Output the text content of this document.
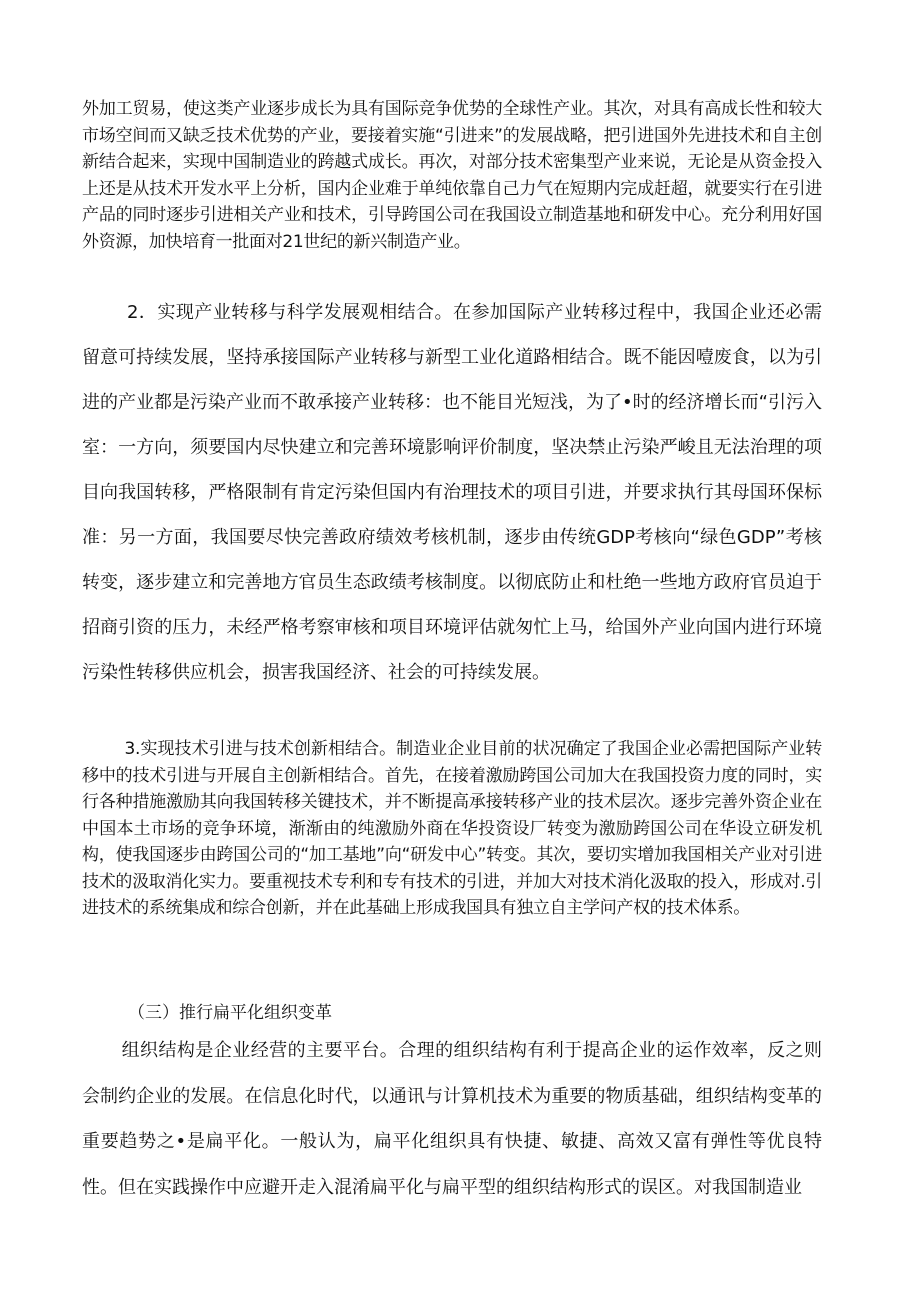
外加工贸易，使这类产业逐步成长为具有国际竞争优势的全球性产业。其次，对具有高成长性和较大市场空间而又缺乏技术优势的产业，要接着实施“引进来”的发展战略，把引进国外先进技术和自主创新结合起来，实现中国制造业的跨越式成长。再次，对部分技术密集型产业来说，无论是从资金投入上还是从技术开发水平上分析，国内企业难于单纯依靠自己力气在短期内完成赶超，就要实行在引进产品的同时逐步引进相关产业和技术，引导跨国公司在我国设立制造基地和研发中心。充分利用好国外资源，加快培育一批面对21世纪的新兴制造产业。

2．实现产业转移与科学发展观相结合。在参加国际产业转移过程中，我国企业还必需留意可持续发展，坚持承接国际产业转移与新型工业化道路相结合。既不能因噎废食，以为引进的产业都是污染产业而不敢承接产业转移：也不能目光短浅，为了•时的经济增长而“引污入室：一方向，须要国内尽快建立和完善环境影响评价制度，坚决禁止污染严峻且无法治理的项目向我国转移，严格限制有肯定污染但国内有治理技术的项目引进，并要求执行其母国环保标准：另一方面，我国要尽快完善政府绩效考核机制，逐步由传统GDP考核向“绿色GDP”考核转变，逐步建立和完善地方官员生态政绩考核制度。以彻底防止和杜绝一些地方政府官员迫于招商引资的压力，未经严格考察审核和项目环境评估就匆忙上马，给国外产业向国内进行环境污染性转移供应机会，损害我国经济、社会的可持续发展。

3.实现技术引进与技术创新相结合。制造业企业目前的状况确定了我国企业必需把国际产业转移中的技术引进与开展自主创新相结合。首先，在接着激励跨国公司加大在我国投资力度的同时，实行各种措施激励其向我国转移关键技术，并不断提高承接转移产业的技术层次。逐步完善外资企业在中国本土市场的竞争环境，渐渐由的纯激励外商在华投资设厂转变为激励跨国公司在华设立研发机构，使我国逐步由跨国公司的“加工基地”向“研发中心”转变。其次，要切实增加我国相关产业对引进技术的汲取消化实力。要重视技术专利和专有技术的引进，并加大对技术消化汲取的投入，形成对.引进技术的系统集成和综合创新，并在此基础上形成我国具有独立自主学问产权的技术体系。

（三）推行扁平化组织变革

组织结构是企业经营的主要平台。合理的组织结构有利于提高企业的运作效率，反之则会制约企业的发展。在信息化时代，以通讯与计算机技术为重要的物质基础，组织结构变革的重要趋势之•是扁平化。一般认为，扁平化组织具有快捷、敏捷、高效又富有弹性等优良特性。但在实践操作中应避开走入混淆扁平化与扁平型的组织结构形式的误区。对我国制造业
